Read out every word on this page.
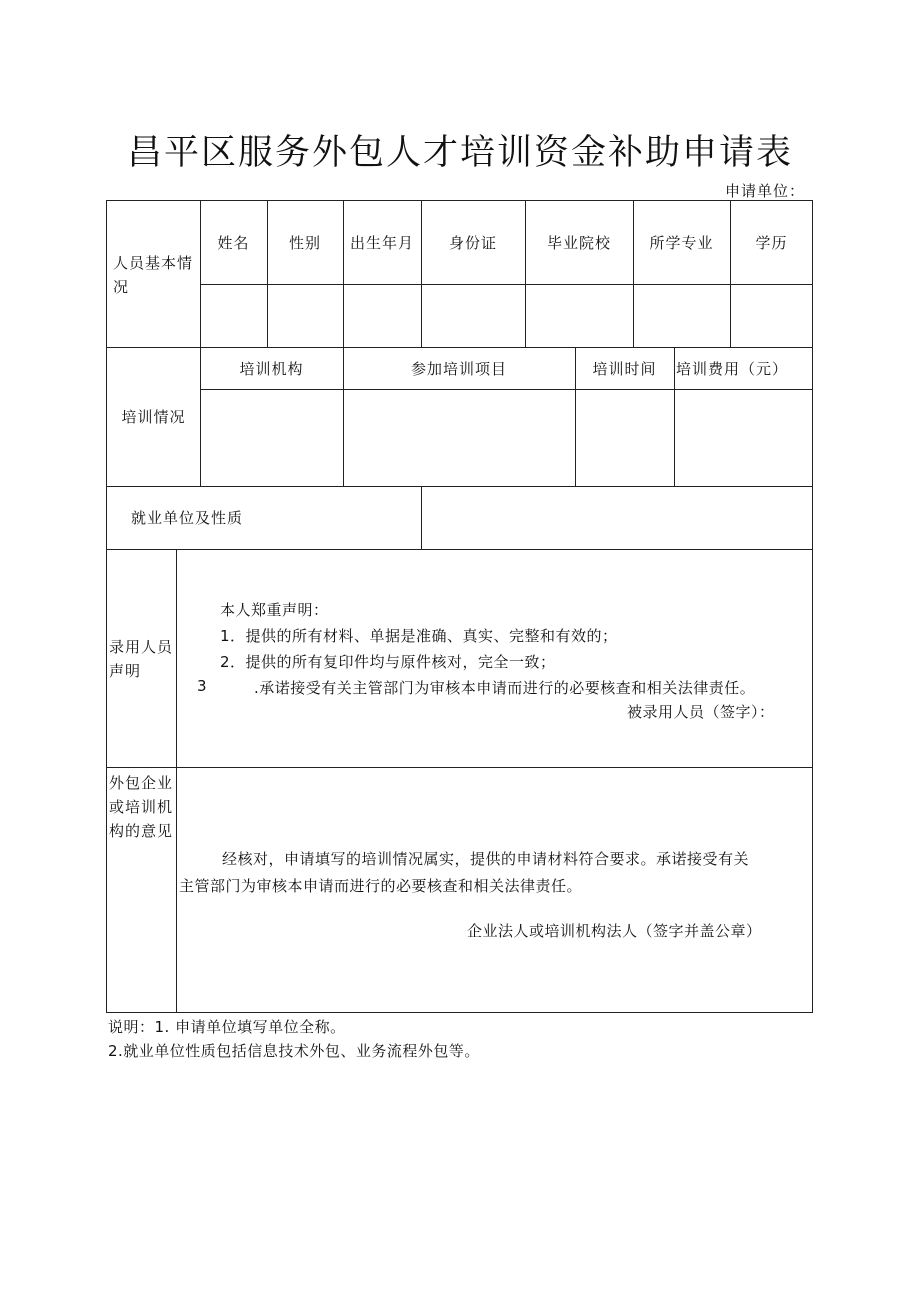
昌平区服务外包人才培训资金补助申请表
申请单位：
人员基本情况
姓名	性别	出生年月	身份证	毕业院校	所学专业	学历
培训情况
培训机构	参加培训项目	培训时间	培训费用（元）
就业单位及性质
录用人员声明
本人郑重声明：
1．提供的所有材料、单据是准确、真实、完整和有效的；
2．提供的所有复印件均与原件核对，完全一致；
3	.承诺接受有关主管部门为审核本申请而进行的必要核查和相关法律责任。
被录用人员（签字）：
外包企业或培训机构的意见
经核对，申请填写的培训情况属实，提供的申请材料符合要求。承诺接受有关
主管部门为审核本申请而进行的必要核查和相关法律责任。
企业法人或培训机构法人（签字并盖公章）
说明：1. 申请单位填写单位全称。
2.就业单位性质包括信息技术外包、业务流程外包等。
